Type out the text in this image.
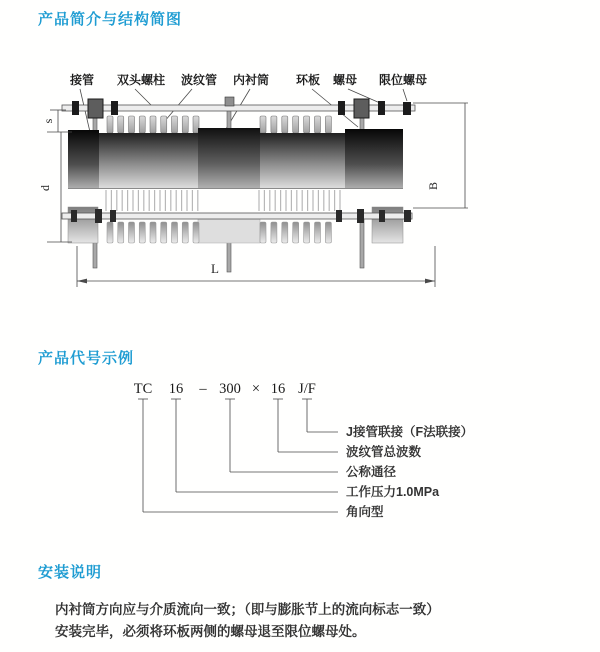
产品简介与结构简图
接管 双头螺柱 波纹管 内衬筒 环板 螺母 限位螺母
s
d	B
L
产品代号示例
TC 16 – 300 × 16 J/F
J接管联接（F法联接）
波纹管总波数
公称通径
工作压力1.0MPa
角向型
安装说明

内衬筒方向应与介质流向一致；（即与膨胀节上的流向标志一致）

安装完毕，必须将环板两侧的螺母退至限位螺母处。
